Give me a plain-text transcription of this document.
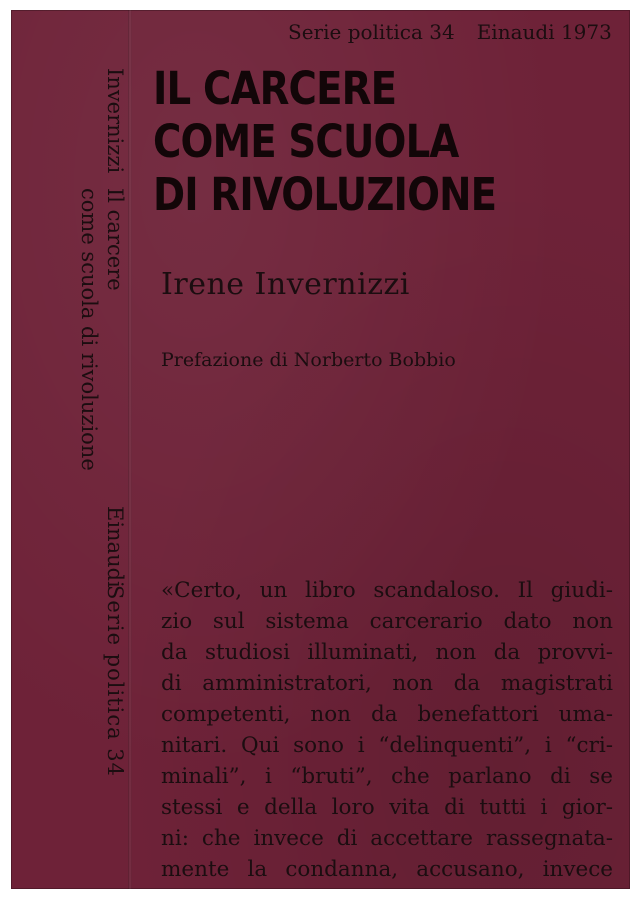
Invernizzi
Il carcere
come scuola di rivoluzione
Einaudi
Serie politica 34
Serie politica 34 Einaudi 1973
IL CARCERE
COME SCUOLA
DI RIVOLUZIONE
Irene Invernizzi
Prefazione di Norberto Bobbio
«Certo, un libro scandaloso. Il giudi-
zio sul sistema carcerario dato non
da studiosi illuminati, non da provvi-
di amministratori, non da magistrati
competenti, non da benefattori uma-
nitari. Qui sono i “delinquenti”, i “cri-
minali”, i “bruti”, che parlano di se
stessi e della loro vita di tutti i gior-
ni: che invece di accettare rassegnata-
mente la condanna, accusano, invece
